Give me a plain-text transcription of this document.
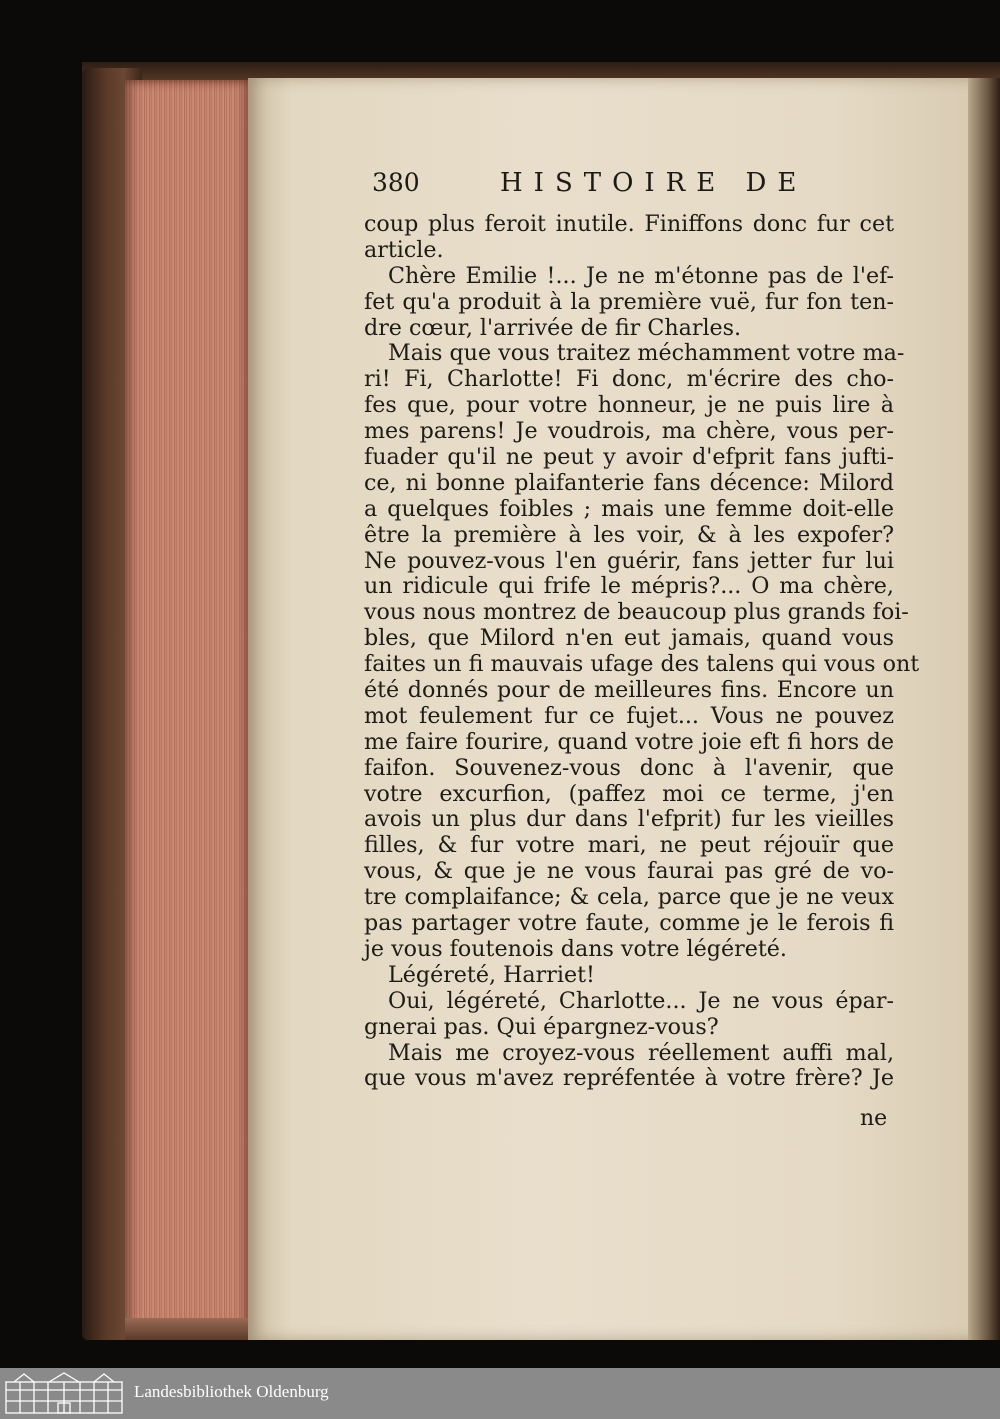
380	HISTOIRE DE
coup plus feroit inutile. Finiffons donc fur cet
article.
Chère Emilie !... Je ne m'étonne pas de l'ef-
fet qu'a produit à la première vuë, fur fon ten-
dre cœur, l'arrivée de fir Charles.
Mais que vous traitez méchamment votre ma-
ri! Fi, Charlotte! Fi donc, m'écrire des cho-
fes que, pour votre honneur, je ne puis lire à
mes parens! Je voudrois, ma chère, vous per-
fuader qu'il ne peut y avoir d'efprit fans jufti-
ce, ni bonne plaifanterie fans décence: Milord
a quelques foibles ; mais une femme doit-elle
être la première à les voir, & à les expofer?
Ne pouvez-vous l'en guérir, fans jetter fur lui
un ridicule qui frife le mépris?... O ma chère,
vous nous montrez de beaucoup plus grands foi-
bles, que Milord n'en eut jamais, quand vous
faites un fi mauvais ufage des talens qui vous ont
été donnés pour de meilleures fins. Encore un
mot feulement fur ce fujet... Vous ne pouvez
me faire fourire, quand votre joie eft fi hors de
faifon. Souvenez-vous donc à l'avenir, que
votre excurfion, (paffez moi ce terme, j'en
avois un plus dur dans l'efprit) fur les vieilles
filles, & fur votre mari, ne peut réjouïr que
vous, & que je ne vous faurai pas gré de vo-
tre complaifance; & cela, parce que je ne veux
pas partager votre faute, comme je le ferois fi
je vous foutenois dans votre légéreté.
Légéreté, Harriet!
Oui, légéreté, Charlotte... Je ne vous épar-
gnerai pas. Qui épargnez-vous?
Mais me croyez-vous réellement auffi mal,
que vous m'avez repréfentée à votre frère? Je
ne
Landesbibliothek Oldenburg
